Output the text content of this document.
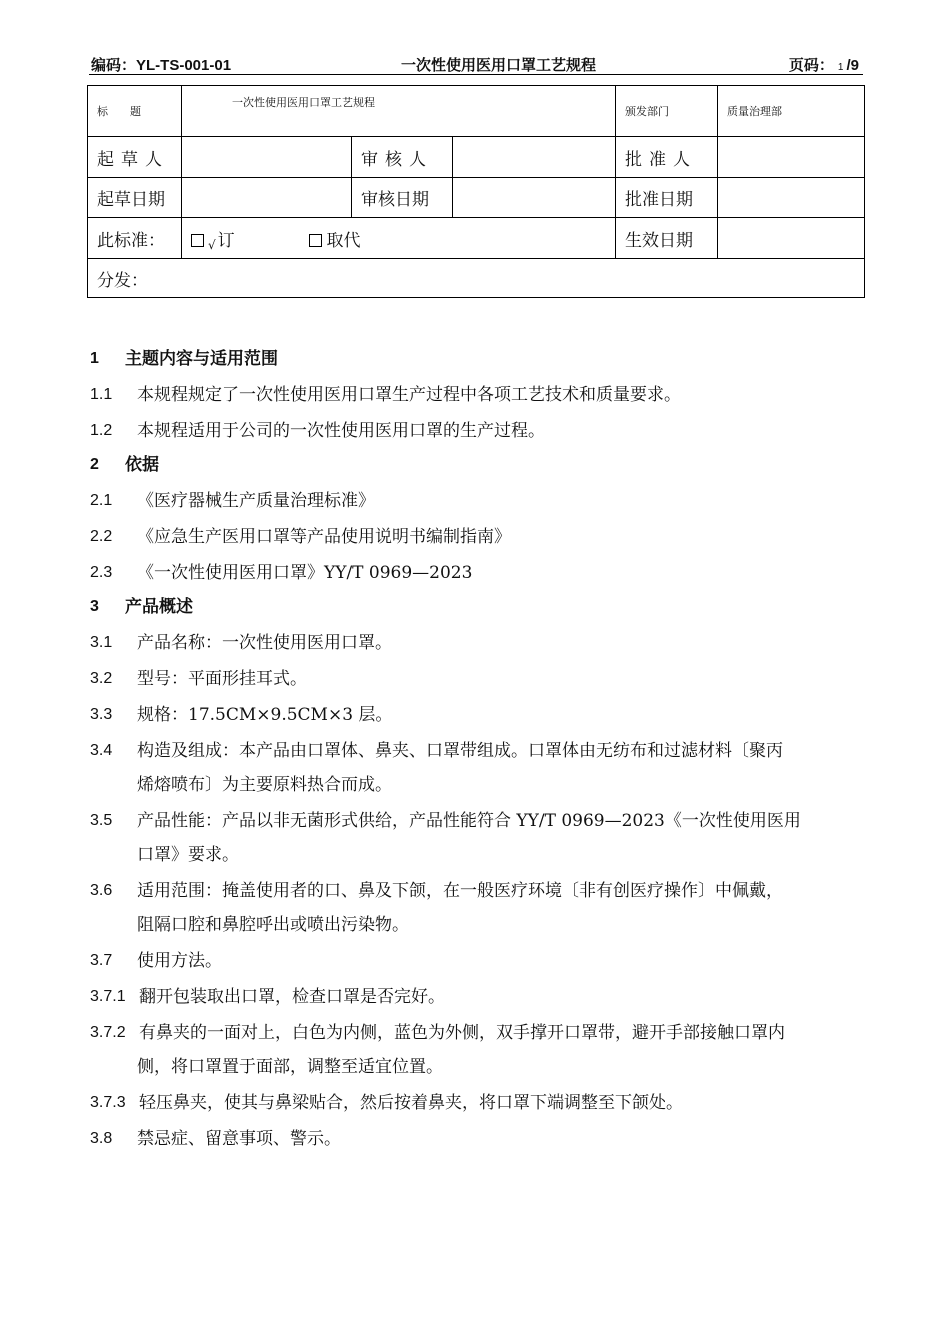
编码：YL-TS-001-01	一次性使用医用口罩工艺规程	页码： 1 /9
标　　题	一次性使用医用口罩工艺规程			颁发部门	质量治理部
起草人		审核人		批准人	
起草日期		审核日期		批准日期	
此标准：	√ 订 取代			生效日期	
分发：					
1	主题内容与适用范围
1.1	本规程规定了一次性使用医用口罩生产过程中各项工艺技术和质量要求。
1.2	本规程适用于公司的一次性使用医用口罩的生产过程。
2	依据
2.1	《医疗器械生产质量治理标准》
2.2	《应急生产医用口罩等产品使用说明书编制指南》
2.3	《一次性使用医用口罩》YY/T 0969—2023
3	产品概述
3.1	产品名称：一次性使用医用口罩。
3.2	型号：平面形挂耳式。
3.3	规格：17.5CM×9.5CM×3 层。
3.4	构造及组成：本产品由口罩体、鼻夹、口罩带组成。口罩体由无纺布和过滤材料〔聚丙
烯熔喷布〕为主要原料热合而成。
3.5	产品性能：产品以非无菌形式供给，产品性能符合 YY/T 0969—2023《一次性使用医用
口罩》要求。
3.6	适用范围：掩盖使用者的口、鼻及下颌，在一般医疗环境〔非有创医疗操作〕中佩戴，
阻隔口腔和鼻腔呼出或喷出污染物。
3.7	使用方法。
3.7.1 翻开包装取出口罩，检查口罩是否完好。
3.7.2 有鼻夹的一面对上，白色为内侧，蓝色为外侧，双手撑开口罩带，避开手部接触口罩内
侧，将口罩置于面部，调整至适宜位置。
3.7.3 轻压鼻夹，使其与鼻梁贴合，然后按着鼻夹，将口罩下端调整至下颌处。
3.8	禁忌症、留意事项、警示。
